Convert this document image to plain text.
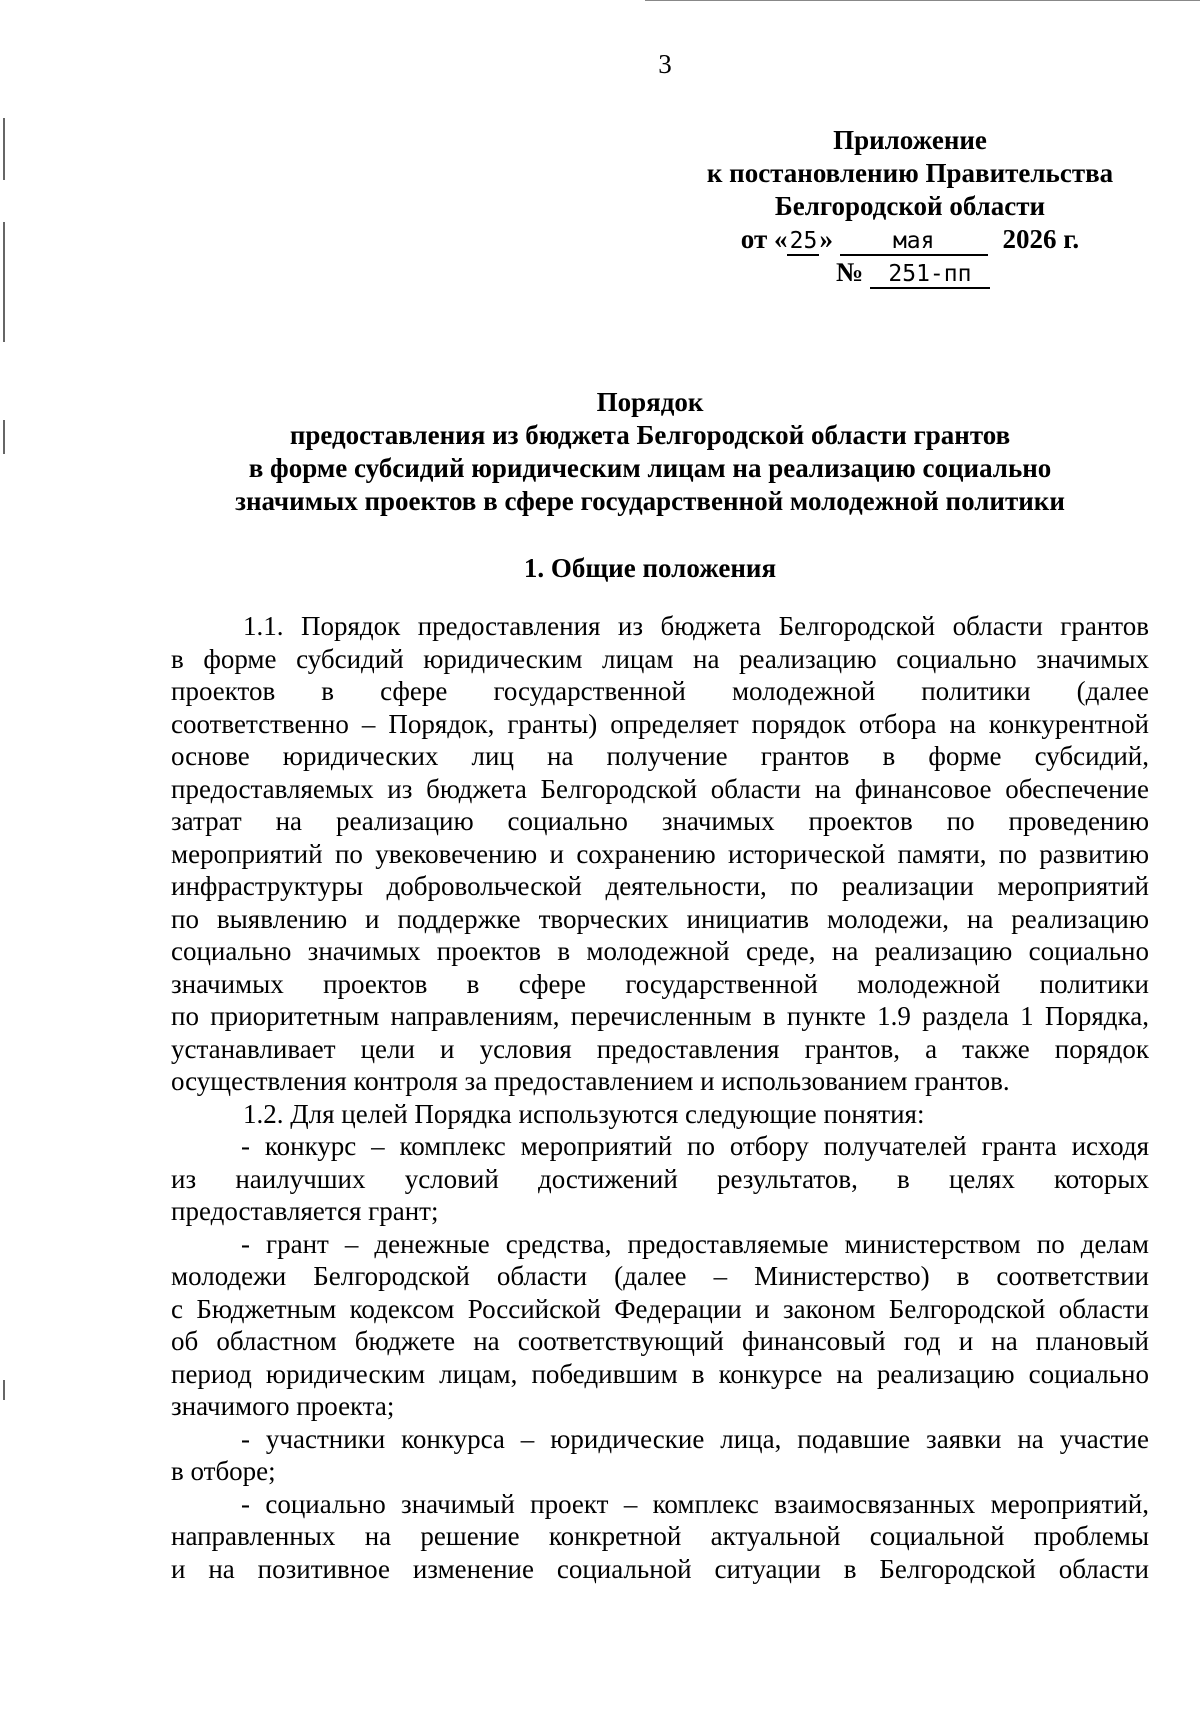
3
Приложение
к постановлению Правительства
Белгородской области
от «25»	мая	2026 г.
№ 251-пп
Порядок
предоставления из бюджета Белгородской области грантов
в форме субсидий юридическим лицам на реализацию социально
значимых проектов в сфере государственной молодежной политики
1. Общие положения

1.1. Порядок предоставления из бюджета Белгородской области грантов
в форме субсидий юридическим лицам на реализацию социально значимых
проектов в сфере государственной молодежной политики (далее
соответственно – Порядок, гранты) определяет порядок отбора на конкурентной
основе юридических лиц на получение грантов в форме субсидий,
предоставляемых из бюджета Белгородской области на финансовое обеспечение
затрат на реализацию социально значимых проектов по проведению
мероприятий по увековечению и сохранению исторической памяти, по развитию
инфраструктуры добровольческой деятельности, по реализации мероприятий
по выявлению и поддержке творческих инициатив молодежи, на реализацию
социально значимых проектов в молодежной среде, на реализацию социально
значимых проектов в сфере государственной молодежной политики
по приоритетным направлениям, перечисленным в пункте 1.9 раздела 1 Порядка,
устанавливает цели и условия предоставления грантов, а также порядок
осуществления контроля за предоставлением и использованием грантов.

1.2. Для целей Порядка используются следующие понятия:

- конкурс – комплекс мероприятий по отбору получателей гранта исходя
из наилучших условий достижений результатов, в целях которых
предоставляется грант;

- грант – денежные средства, предоставляемые министерством по делам
молодежи Белгородской области (далее – Министерство) в соответствии
с Бюджетным кодексом Российской Федерации и законом Белгородской области
об областном бюджете на соответствующий финансовый год и на плановый
период юридическим лицам, победившим в конкурсе на реализацию социально
значимого проекта;

- участники конкурса – юридические лица, подавшие заявки на участие
в отборе;

- социально значимый проект – комплекс взаимосвязанных мероприятий,
направленных на решение конкретной актуальной социальной проблемы
и на позитивное изменение социальной ситуации в Белгородской области
